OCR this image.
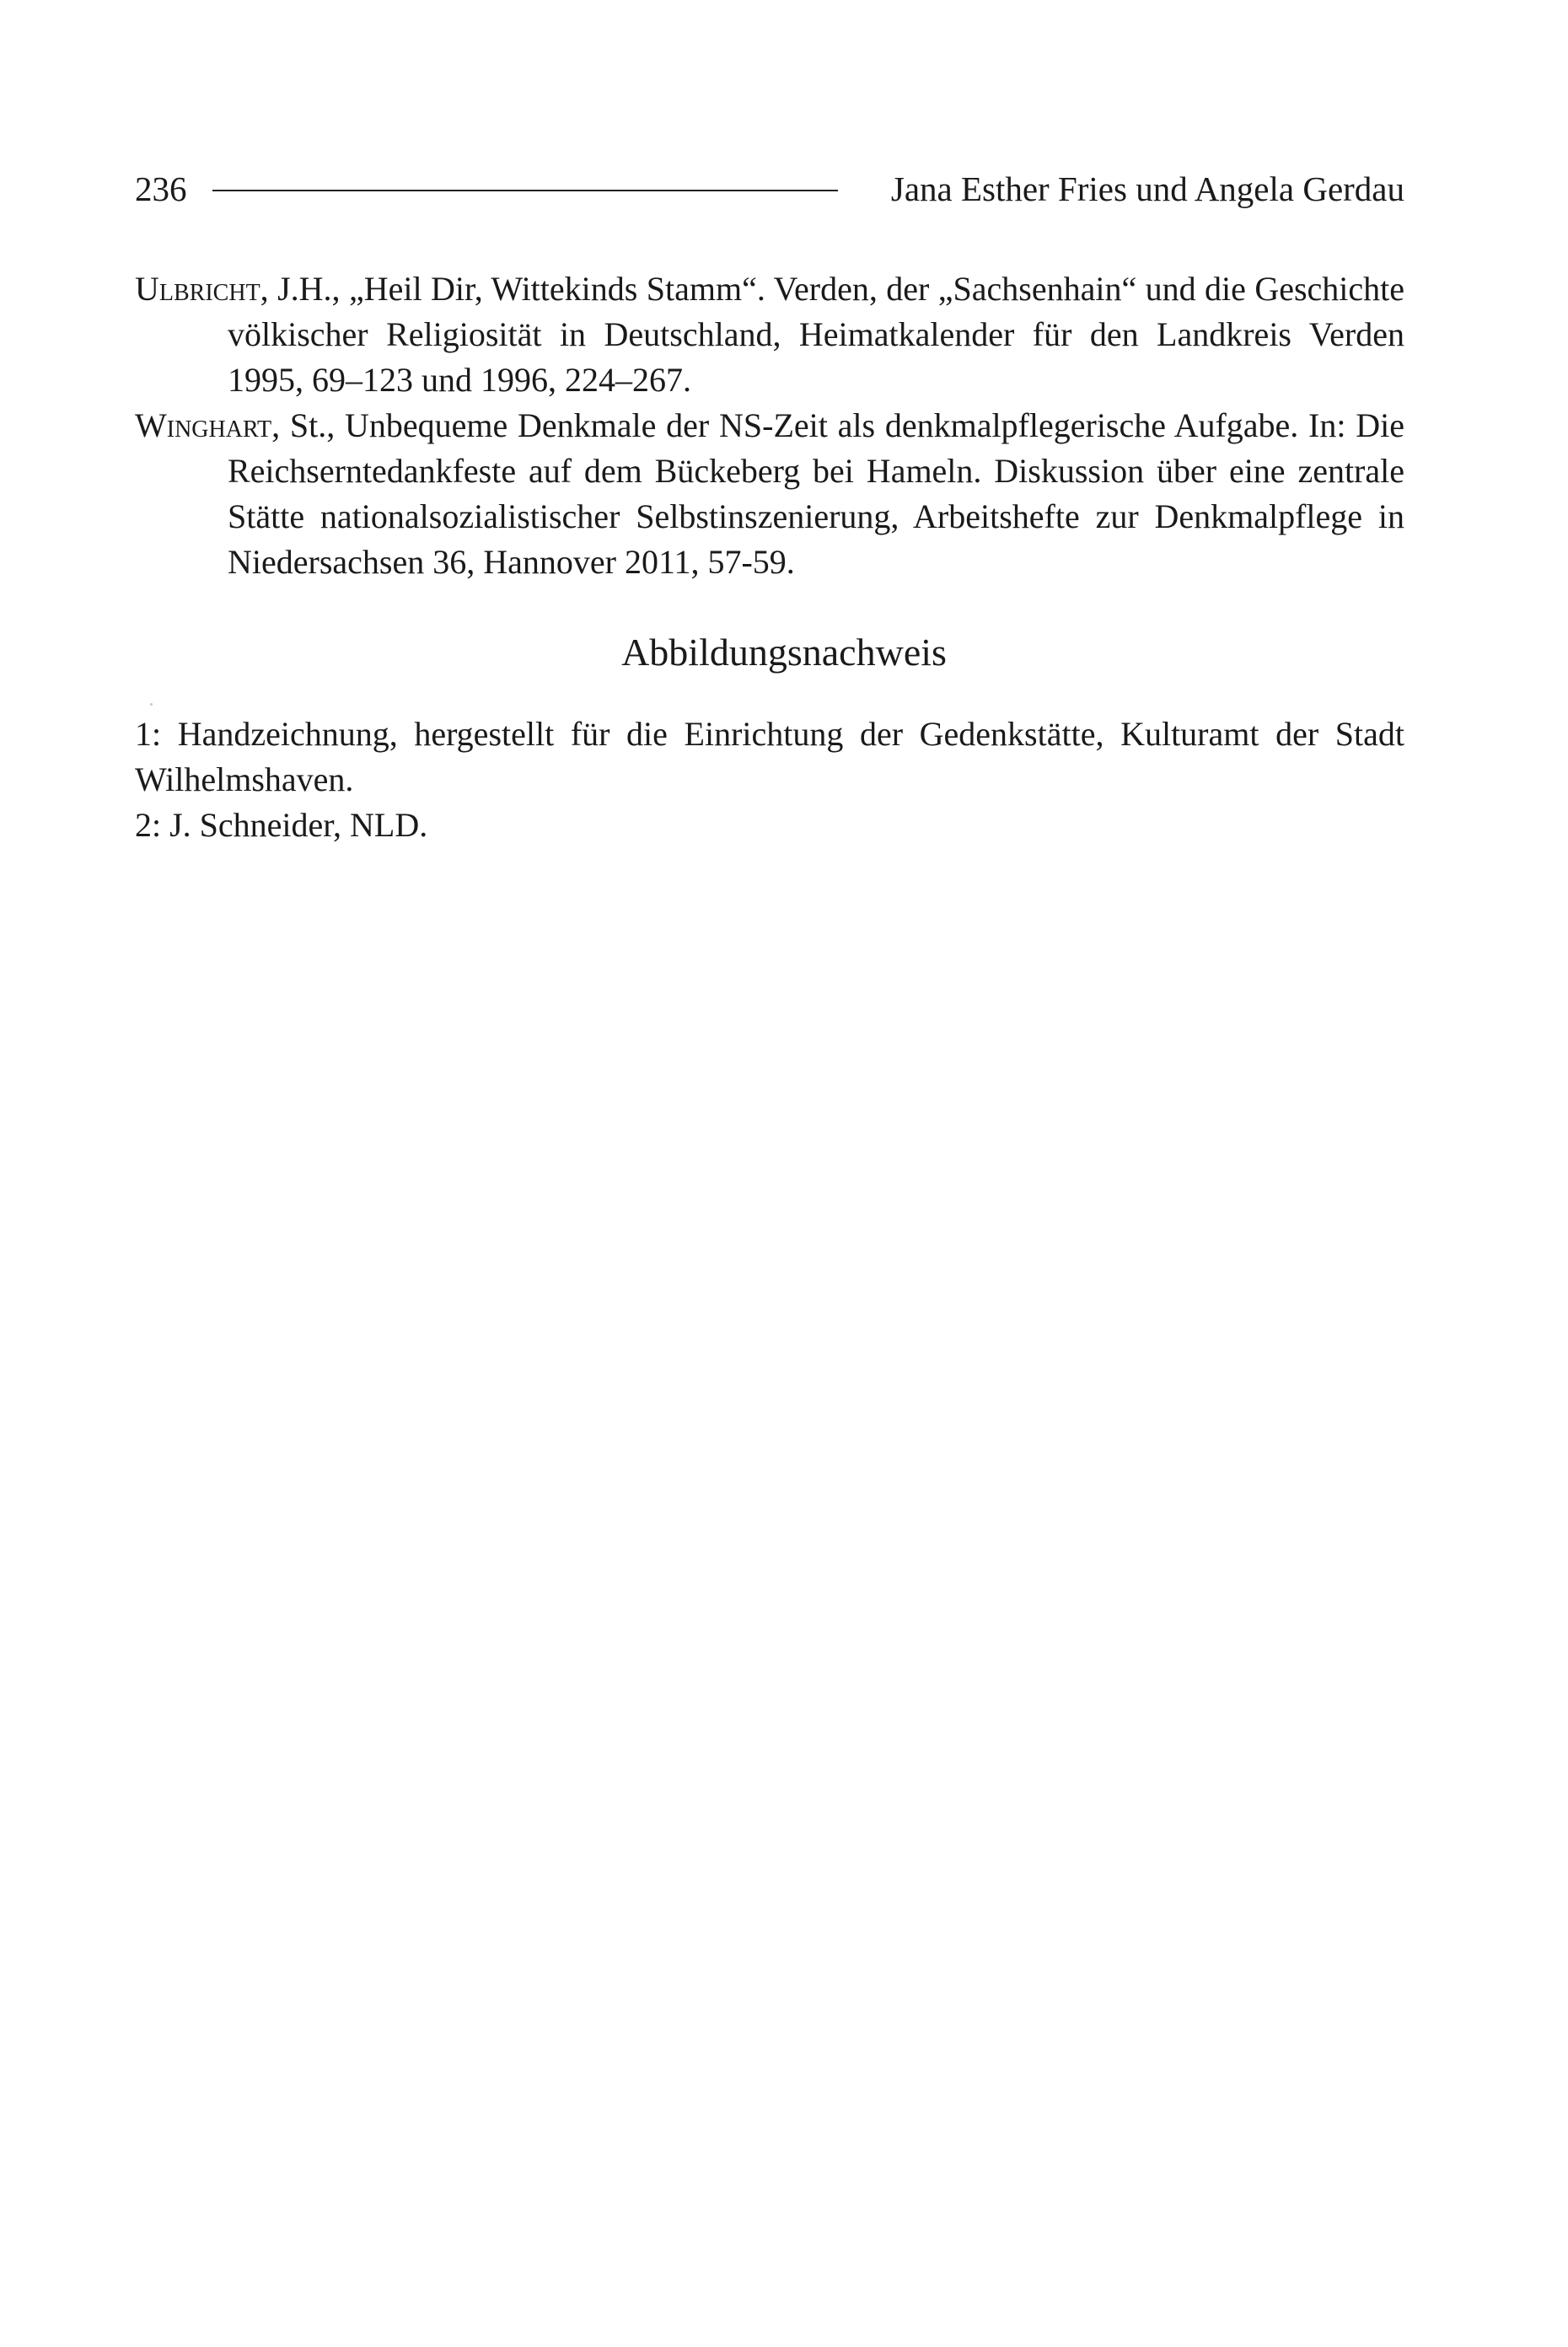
236	Jana Esther Fries und Angela Gerdau

Ulbricht, J.H., „Heil Dir, Wittekinds Stamm“. Verden, der „Sachsenhain“ und die Geschichte völkischer Religiosität in Deutschland, Heimatkalender für den Landkreis Verden 1995, 69–123 und 1996, 224–267.

Winghart, St., Unbequeme Denkmale der NS-Zeit als denkmalpflegerische Aufgabe. In: Die Reichserntedankfeste auf dem Bückeberg bei Hameln. Diskussion über eine zentrale Stätte nationalsozialistischer Selbstinszenierung, Arbeitshefte zur Denkmalpflege in Niedersachsen 36, Hannover 2011, 57-59.

Abbildungsnachweis

1: Handzeichnung, hergestellt für die Einrichtung der Gedenkstätte, Kulturamt der Stadt Wilhelmshaven.

2: J. Schneider, NLD.
